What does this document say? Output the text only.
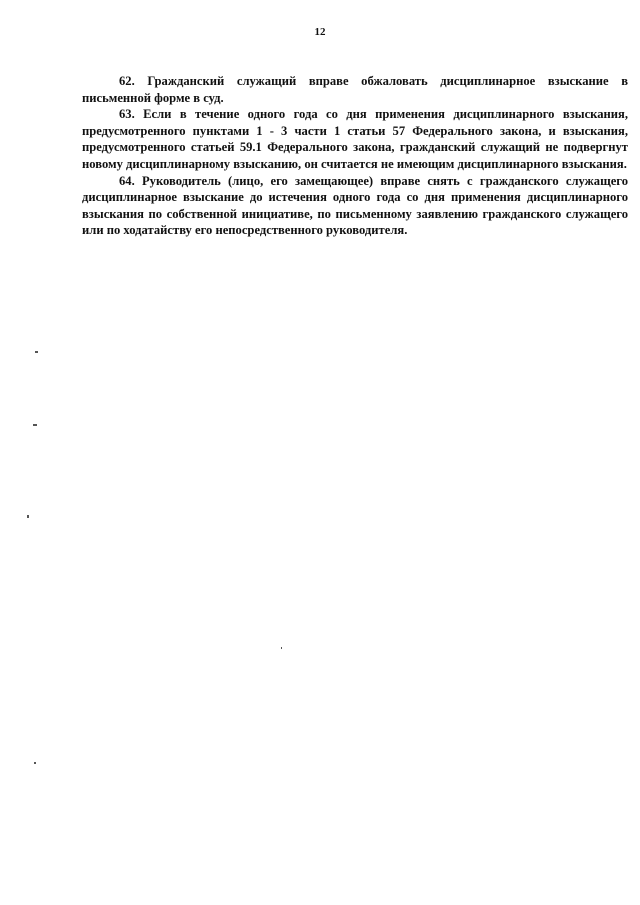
12

62. Гражданский служащий вправе обжаловать дисциплинарное взыскание в письменной форме в суд.

63. Если в течение одного года со дня применения дисциплинарного взыскания, предусмотренного пунктами 1 - 3 части 1 статьи 57 Федерального закона, и взыскания, предусмотренного статьей 59.1 Федерального закона, гражданский служащий не подвергнут новому дисциплинарному взысканию, он считается не имеющим дисциплинарного взыскания.

64. Руководитель (лицо, его замещающее) вправе снять с гражданского служащего дисциплинарное взыскание до истечения одного года со дня применения дисциплинарного взыскания по собственной инициативе, по письменному заявлению гражданского служащего или по ходатайству его непосредственного руководителя.
